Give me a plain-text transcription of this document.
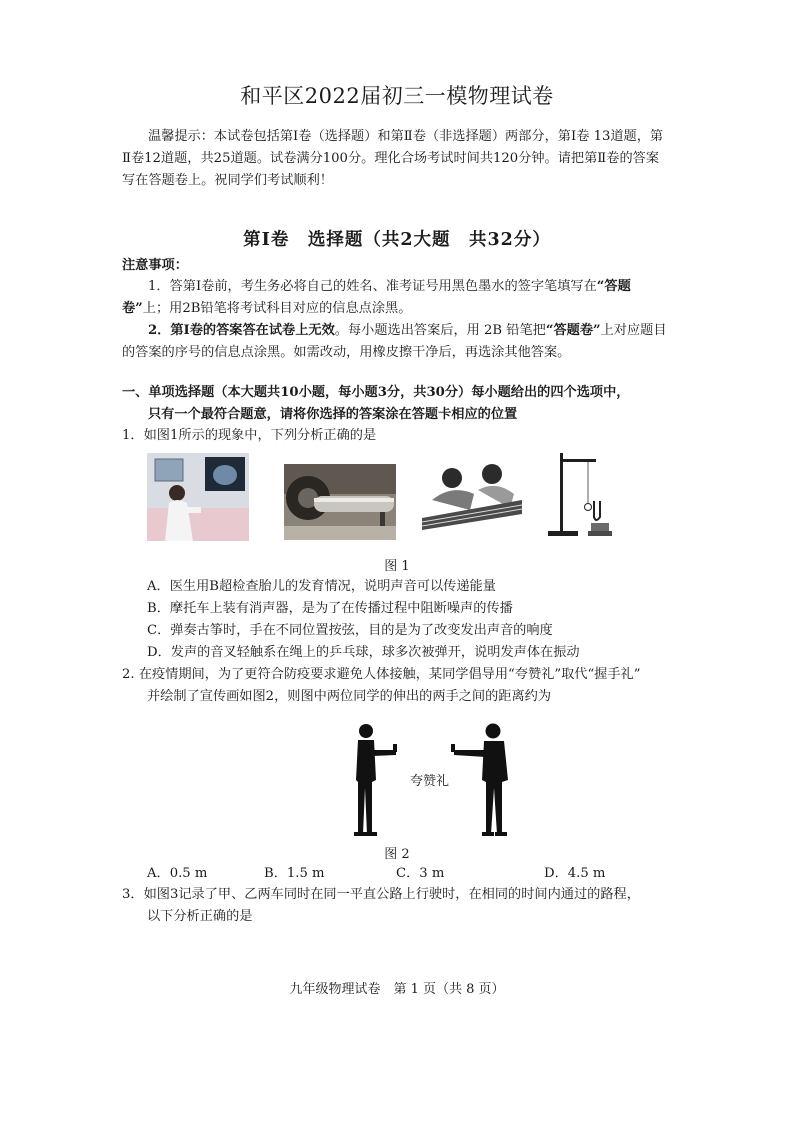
和平区2022届初三一模物理试卷
温馨提示：本试卷包括第Ⅰ卷（选择题）和第Ⅱ卷（非选择题）两部分，第Ⅰ卷 13道题，第Ⅱ卷12道题，共25道题。试卷满分100分。理化合场考试时间共120分钟。请把第Ⅱ卷的答案写在答题卷上。祝同学们考试顺利！
第Ⅰ卷　选择题（共2大题　共32分）
注意事项：
1．答第Ⅰ卷前，考生务必将自己的姓名、准考证号用黑色墨水的签字笔填写在“答题卷”上；用2B铅笔将考试科目对应的信息点涂黑。
2．第Ⅰ卷的答案答在试卷上无效。每小题选出答案后，用 2B 铅笔把“答题卷”上对应题目的答案的序号的信息点涂黑。如需改动，用橡皮擦干净后，再选涂其他答案。
一、单项选择题（本大题共10小题，每小题3分，共30分）每小题给出的四个选项中，
只有一个最符合题意，请将你选择的答案涂在答题卡相应的位置
1．如图1所示的现象中，下列分析正确的是
图 1
A．医生用B超检查胎儿的发育情况，说明声音可以传递能量
B．摩托车上装有消声器，是为了在传播过程中阻断噪声的传播
C．弹奏古筝时，手在不同位置按弦，目的是为了改变发出声音的响度
D．发声的音叉轻触系在绳上的乒乓球，球多次被弹开，说明发声体在振动
2. 在疫情期间，为了更符合防疫要求避免人体接触，某同学倡导用“夸赞礼”取代“握手礼”
并绘制了宣传画如图2，则图中两位同学的伸出的两手之间的距离约为
夸赞礼
图 2
A．0.5 m	B．1.5 m	C．3 m	D．4.5 m
3．如图3记录了甲、乙两车同时在同一平直公路上行驶时，在相同的时间内通过的路程，
以下分析正确的是
九年级物理试卷　第 1 页（共 8 页）
